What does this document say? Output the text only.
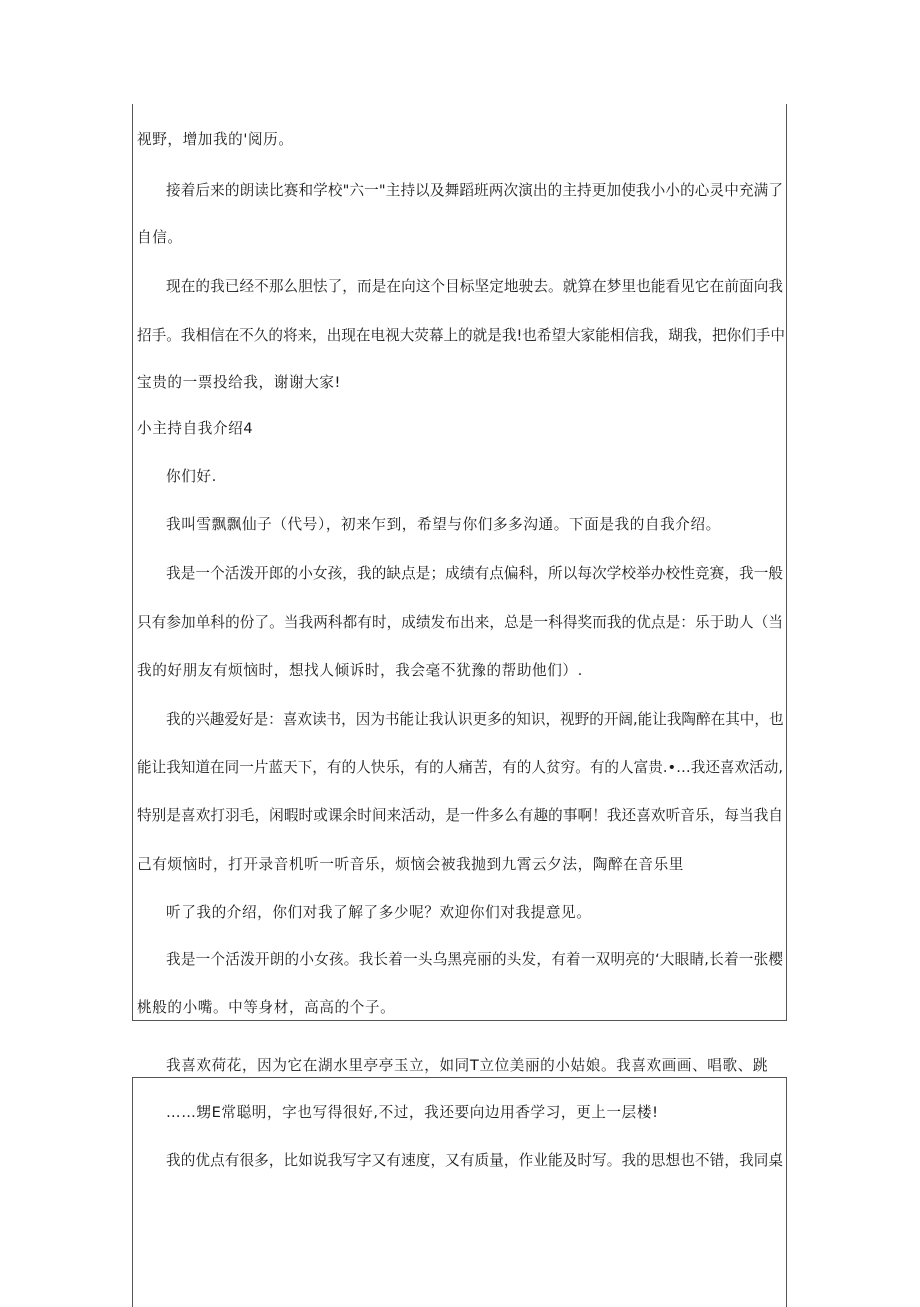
视野，增加我的'阅历。
接着后来的朗读比赛和学校"六一"主持以及舞蹈班两次演出的主持更加使我小小的心灵中充满了
自信。
现在的我已经不那么胆怯了，而是在向这个目标坚定地驶去。就算在梦里也能看见它在前面向我
招手。我相信在不久的将来，出现在电视大荧幕上的就是我!也希望大家能相信我，瑚我，把你们手中
宝贵的一票投给我，谢谢大家!
小主持自我介绍4
你们好.
我叫雪飘飘仙子（代号），初来乍到，希望与你们多多沟通。下面是我的自我介绍。
我是一个活泼开郎的小女孩，我的缺点是；成绩有点偏科，所以每次学校举办校性竞赛，我一般
只有参加单科的份了。当我两科都有时，成绩发布出来，总是一科得奖而我的优点是：乐于助人（当
我的好朋友有烦恼时，想找人倾诉时，我会毫不犹豫的帮助他们）.
我的兴趣爱好是：喜欢读书，因为书能让我认识更多的知识，视野的开阔,能让我陶醉在其中，也
能让我知道在同一片蓝天下，有的人快乐，有的人痛苦，有的人贫穷。有的人富贵.•…我还喜欢活动,
特别是喜欢打羽毛，闲暇时或课余时间来活动，是一件多么有趣的事啊！我还喜欢听音乐，每当我自
己有烦恼时，打开录音机听一听音乐，烦恼会被我抛到九霄云夕法，陶醉在音乐里
听了我的介绍，你们对我了解了多少呢？欢迎你们对我提意见。
我是一个活泼开朗的小女孩。我长着一头乌黑亮丽的头发，有着一双明亮的‘大眼睛,长着一张樱
桃般的小嘴。中等身材，高高的个子。
我喜欢荷花，因为它在湖水里亭亭玉立，如同T立位美丽的小姑娘。我喜欢画画、唱歌、跳
……甥E常聪明，字也写得很好,不过，我还要向边用香学习，更上一层楼!
我的优点有很多，比如说我写字又有速度，又有质量，作业能及时写。我的思想也不错，我同桌
